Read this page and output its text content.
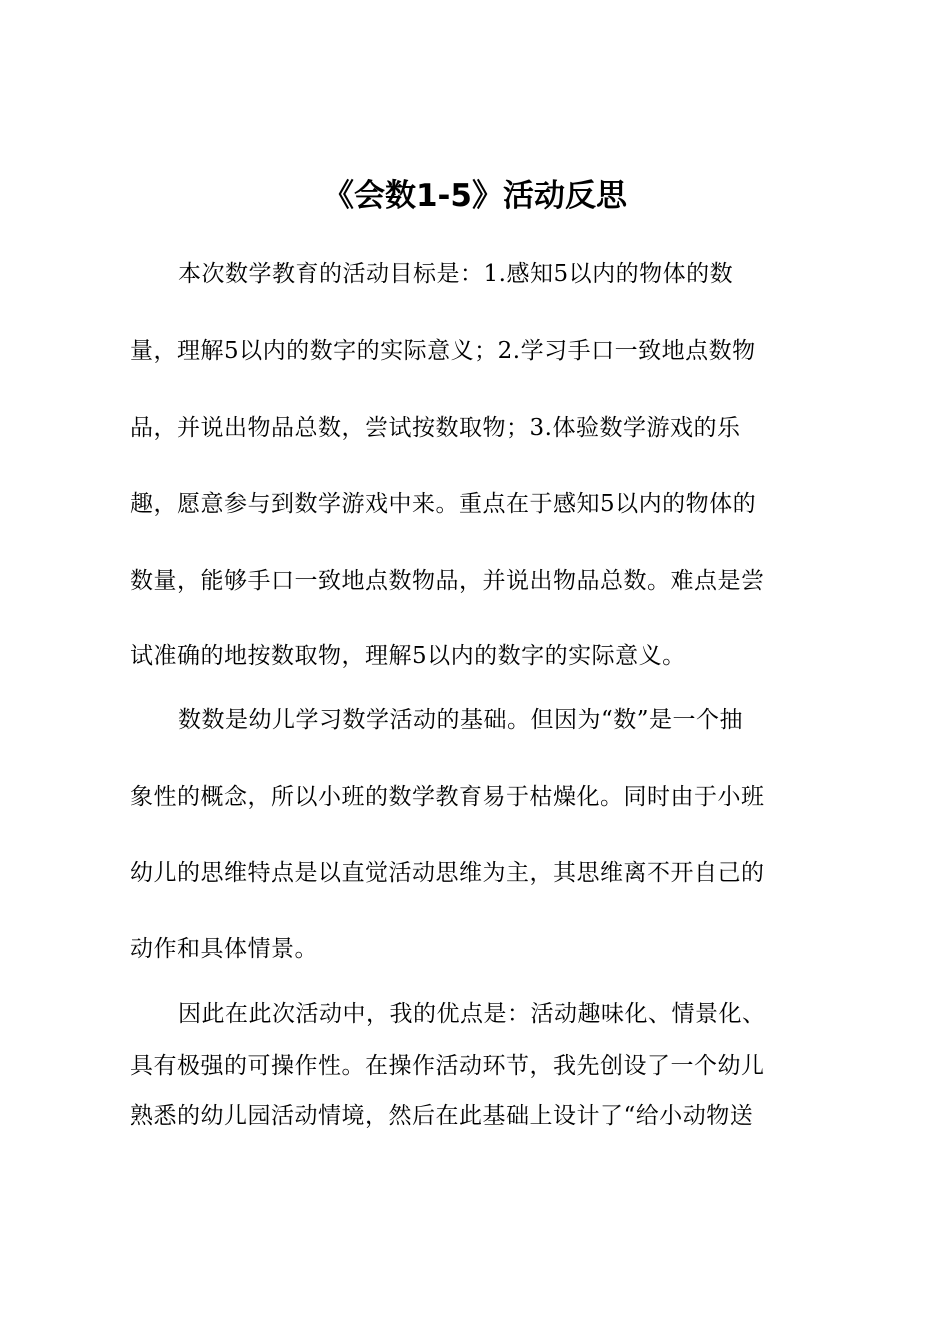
《会数1-5》活动反思
本次数学教育的活动目标是：1.感知5以内的物体的数
量，理解5以内的数字的实际意义；2.学习手口一致地点数物
品，并说出物品总数，尝试按数取物；3.体验数学游戏的乐
趣，愿意参与到数学游戏中来。重点在于感知5以内的物体的
数量，能够手口一致地点数物品，并说出物品总数。难点是尝
试准确的地按数取物，理解5以内的数字的实际意义。
数数是幼儿学习数学活动的基础。但因为“数”是一个抽
象性的概念，所以小班的数学教育易于枯燥化。同时由于小班
幼儿的思维特点是以直觉活动思维为主，其思维离不开自己的
动作和具体情景。
因此在此次活动中，我的优点是：活动趣味化、情景化、
具有极强的可操作性。在操作活动环节，我先创设了一个幼儿
熟悉的幼儿园活动情境，然后在此基础上设计了“给小动物送
